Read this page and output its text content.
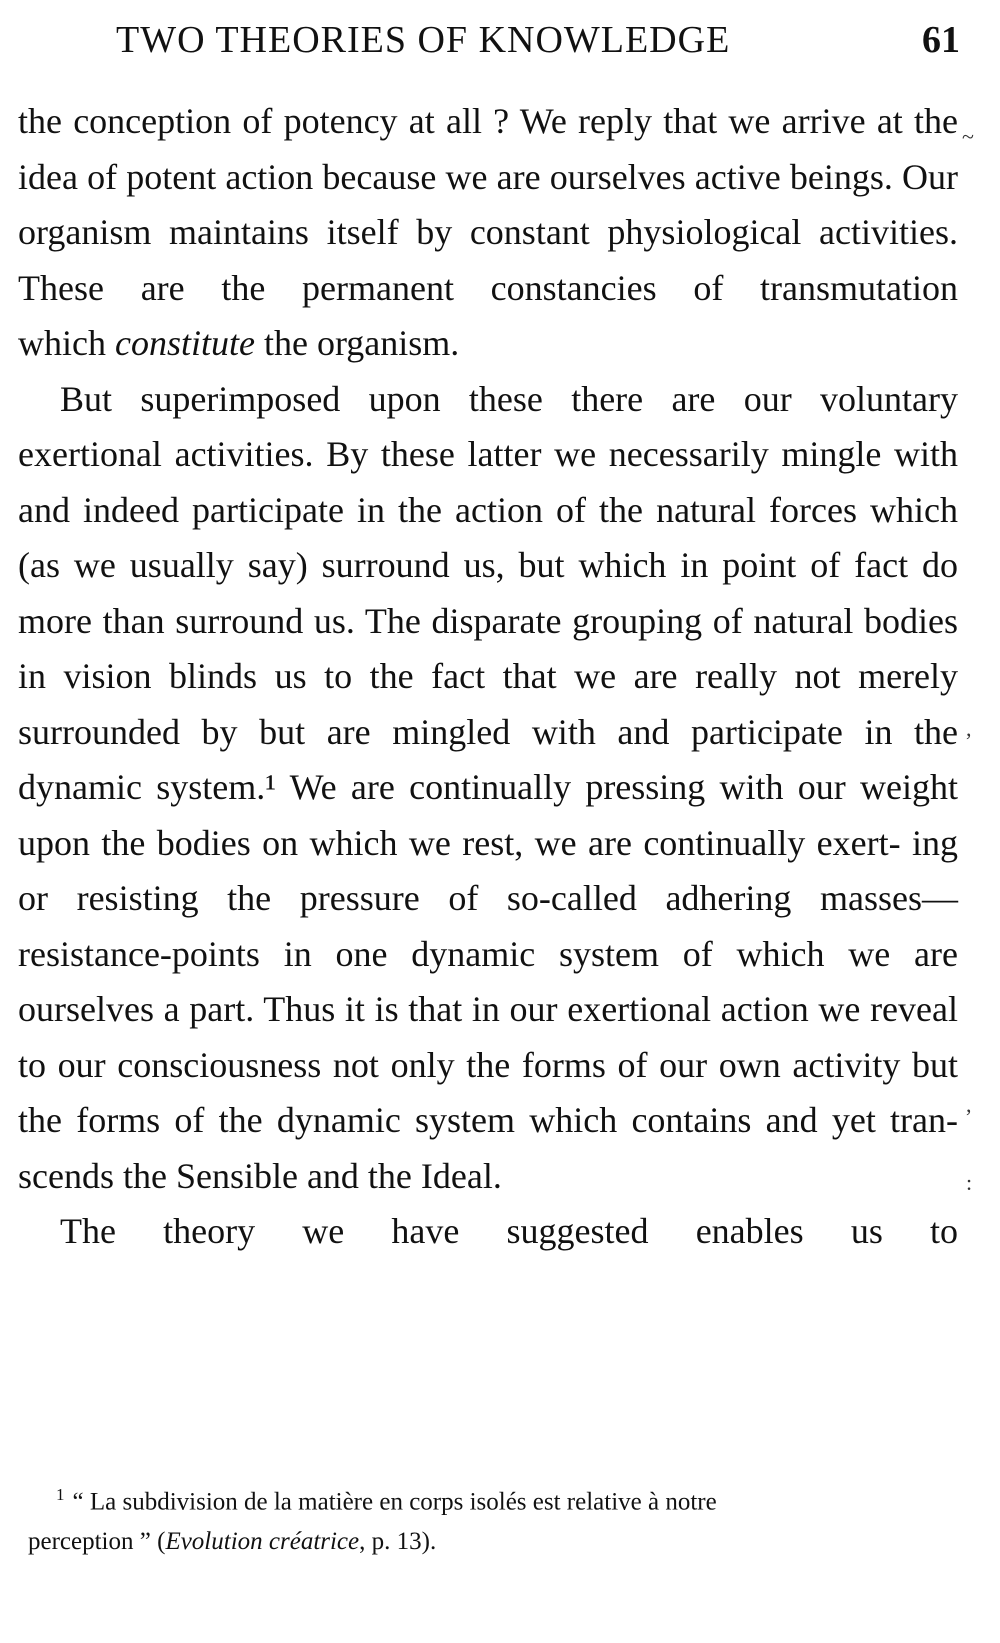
TWO THEORIES OF KNOWLEDGE	61

the conception of potency at all ? We reply that we arrive at the idea of potent action because we are ourselves active beings. Our organism maintains itself by constant physiological activities. These are the permanent constancies of transmutation
which constitute the organism.

But superimposed upon these there are our voluntary exertional activities. By these latter we necessarily mingle with and indeed participate in the action of the natural forces which (as we usually say) surround us, but which in point of fact do more than surround us. The disparate grouping of natural bodies in vision blinds us to the fact that we are really not merely surrounded by but are mingled with and participate in the dynamic system.¹ We are continually pressing with our weight upon the bodies on which we rest, we are continually exert- ing or resisting the pressure of so-called adhering masses—resistance-points in one dynamic system of which we are ourselves a part. Thus it is that in our exertional action we reveal to our consciousness not only the forms of our own activity but the forms of the dynamic system which contains and yet tran-
scends the Sensible and the Ideal.

The theory we have suggested enables us to

$^1$ “ La subdivision de la matière en corps isolés est relative à notre

perception ” (Evolution créatrice, p. 13).

~
,
,
:
